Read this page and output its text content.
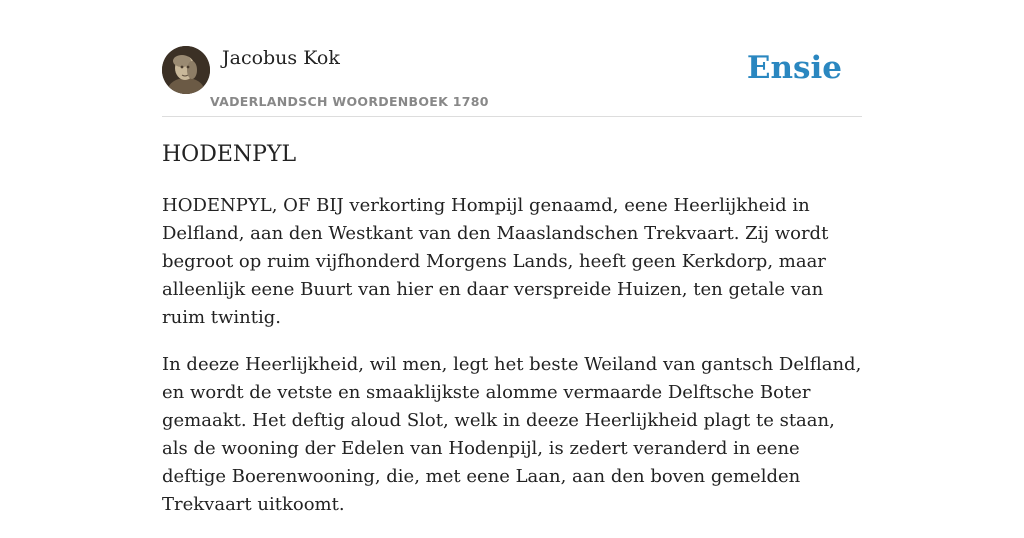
Jacobus Kok
VADERLANDSCH WOORDENBOEK 1780
Ensie
HODENPYL

HODENPYL, OF BIJ verkorting Hompijl genaamd, eene Heerlijkheid in Delfland, aan den Westkant van den Maaslandschen Trekvaart. Zij wordt begroot op ruim vijfhonderd Morgens Lands, heeft geen Kerkdorp, maar alleenlijk eene Buurt van hier en daar verspreide Huizen, ten getale van ruim twintig.

In deeze Heerlijkheid, wil men, legt het beste Weiland van gantsch Delfland, en wordt de vetste en smaaklijkste alomme vermaarde Delftsche Boter gemaakt. Het deftig aloud Slot, welk in deeze Heerlijkheid plagt te staan, als de wooning der Edelen van Hodenpijl, is zedert veranderd in eene deftige Boerenwooning, die, met eene Laan, aan den boven gemelden Trekvaart uitkoomt.
